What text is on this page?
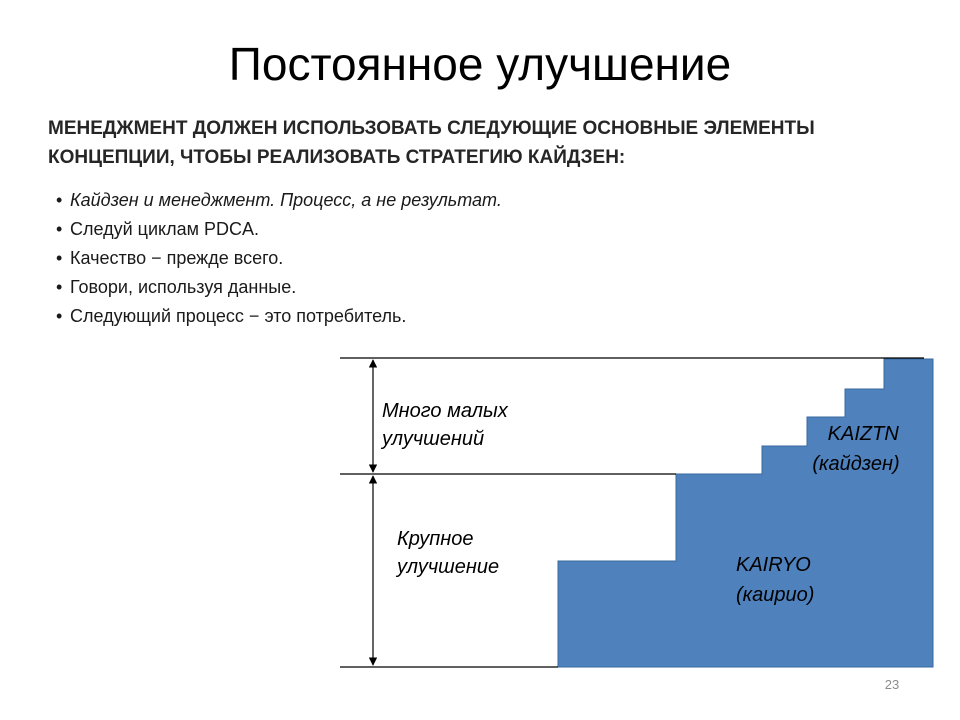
Постоянное улучшение

МЕНЕДЖМЕНТ ДОЛЖЕН ИСПОЛЬЗОВАТЬ СЛЕДУЮЩИЕ ОСНОВНЫЕ ЭЛЕМЕНТЫ КОНЦЕПЦИИ, ЧТОБЫ РЕАЛИЗОВАТЬ СТРАТЕГИЮ КАЙДЗЕН:

• Кайдзен и менеджмент. Процесс, а не результат.
• Следуй циклам PDCA.
• Качество − прежде всего.
• Говори, используя данные.
• Следующий процесс − это потребитель.
Много малых улучшений
Крупное улучшение
KAIZTN (кайдзен)
KAIRYO (каирио)
23
